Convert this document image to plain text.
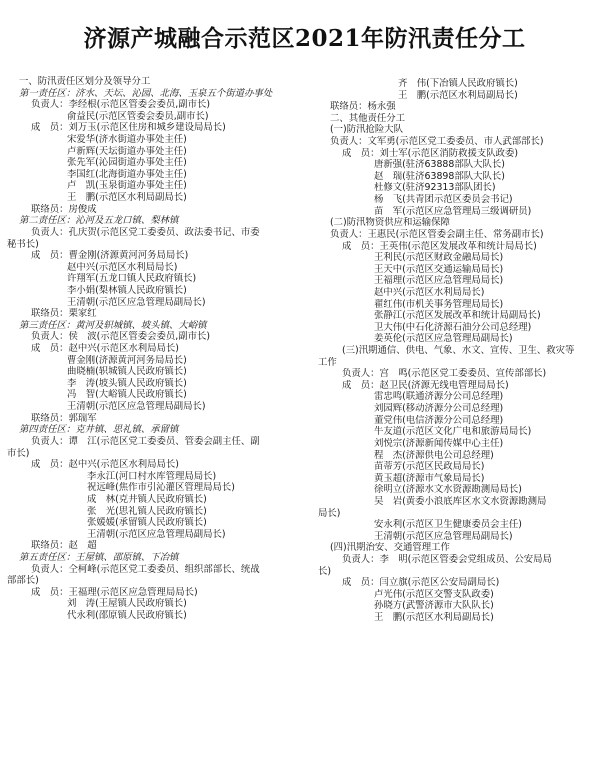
济源产城融合示范区2021年防汛责任分工
一、防汛责任区划分及领导分工
第一责任区：济水、天坛、沁园、北海、玉泉五个街道办事处
负责人：李经根(示范区管委会委员,副市长)
俞益民(示范区管委会委员,副市长)
成　员：刘万玉(示范区住房和城乡建设局局长)
宋爱华(济水街道办事处主任)
卢新辉(天坛街道办事处主任)
张先军(沁园街道办事处主任)
李国红(北海街道办事处主任)
卢　凯(玉泉街道办事处主任)
王　鹏(示范区水利局副局长)
联络员：房俊成
第二责任区：沁河及五龙口镇、梨林镇
负责人：孔庆贺(示范区党工委委员、政法委书记、市委
秘书长)
成　员：曹金刚(济源黄河河务局局长)
赵中兴(示范区水利局局长)
许翔军(五龙口镇人民政府镇长)
李小娟(梨林镇人民政府镇长)
王清朝(示范区应急管理局副局长)
联络员：栗家红
第三责任区：黄河及轵城镇、坡头镇、大峪镇
负责人：侯　波(示范区管委会委员,副市长)
成　员：赵中兴(示范区水利局局长)
曹金刚(济源黄河河务局局长)
曲晓楠(轵城镇人民政府镇长)
李　涛(坡头镇人民政府镇长)
冯　智(大峪镇人民政府镇长)
王清朝(示范区应急管理局副局长)
联络员：郭瑞军
第四责任区：克井镇、思礼镇、承留镇
负责人：谭　江(示范区党工委委员、管委会副主任、副
市长)
成　员：赵中兴(示范区水利局局长)
李永江(河口村水库管理局局长)
祝远峰(焦作市引沁灌区管理局局长)
成　林(克井镇人民政府镇长)
张　光(思礼镇人民政府镇长)
张媛媛(承留镇人民政府镇长)
王清朝(示范区应急管理局副局长)
联络员：赵　超
第五责任区：王屋镇、邵原镇、下冶镇
负责人：仝柯峰(示范区党工委委员、组织部部长、统战
部部长)
成　员：王福理(示范区应急管理局局长)
刘　涛(王屋镇人民政府镇长)
代永利(邵原镇人民政府镇长)
齐　伟(下冶镇人民政府镇长)
王　鹏(示范区水利局副局长)
联络员：杨永强
二、其他责任分工
(一)防汛抢险大队
负责人：文军勇(示范区党工委委员、市人武部部长)
成　员：刘士军(示范区消防救援支队政委)
唐新强(驻济63888部队大队长)
赵　瑞(驻济63898部队大队长)
杜修文(驻济92313部队团长)
杨　飞(共青团示范区委员会书记)
苗　军(示范区应急管理局三级调研员)
(二)防汛物资供应和运输保障
负责人：王惠民(示范区管委会副主任、常务副市长)
成　员：王英伟(示范区发展改革和统计局局长)
王利民(示范区财政金融局局长)
王天中(示范区交通运输局局长)
王福理(示范区应急管理局局长)
赵中兴(示范区水利局局长)
翟红伟(市机关事务管理局局长)
张静江(示范区发展改革和统计局副局长)
卫大伟(中石化济源石油分公司总经理)
姜英伦(示范区应急管理局副局长)
(三)汛期通信、供电、气象、水文、宣传、卫生、救灾等
工作
负责人：宫　鸣(示范区党工委委员、宣传部部长)
成　员：赵卫民(济源无线电管理局局长)
雷忠鸣(联通济源分公司总经理)
刘园辉(移动济源分公司总经理)
董党伟(电信济源分公司总经理)
牛友道(示范区文化广电和旅游局局长)
刘悦宗(济源新闻传媒中心主任)
程　杰(济源供电公司总经理)
苗蒂芳(示范区民政局局长)
黄玉超(济源市气象局局长)
徐明立(济源水文水资源勘测局局长)
吴　岩(黄委小浪底库区水文水资源勘测局
局长)
安永利(示范区卫生健康委员会主任)
王清朝(示范区应急管理局副局长)
(四)汛期治安、交通管理工作
负责人：李　明(示范区管委会党组成员、公安局局
长)
成　员：闫立旗(示范区公安局副局长)
卢光伟(示范区交警支队政委)
孙晓方(武警济源市大队队长)
王　鹏(示范区水利局副局长)
